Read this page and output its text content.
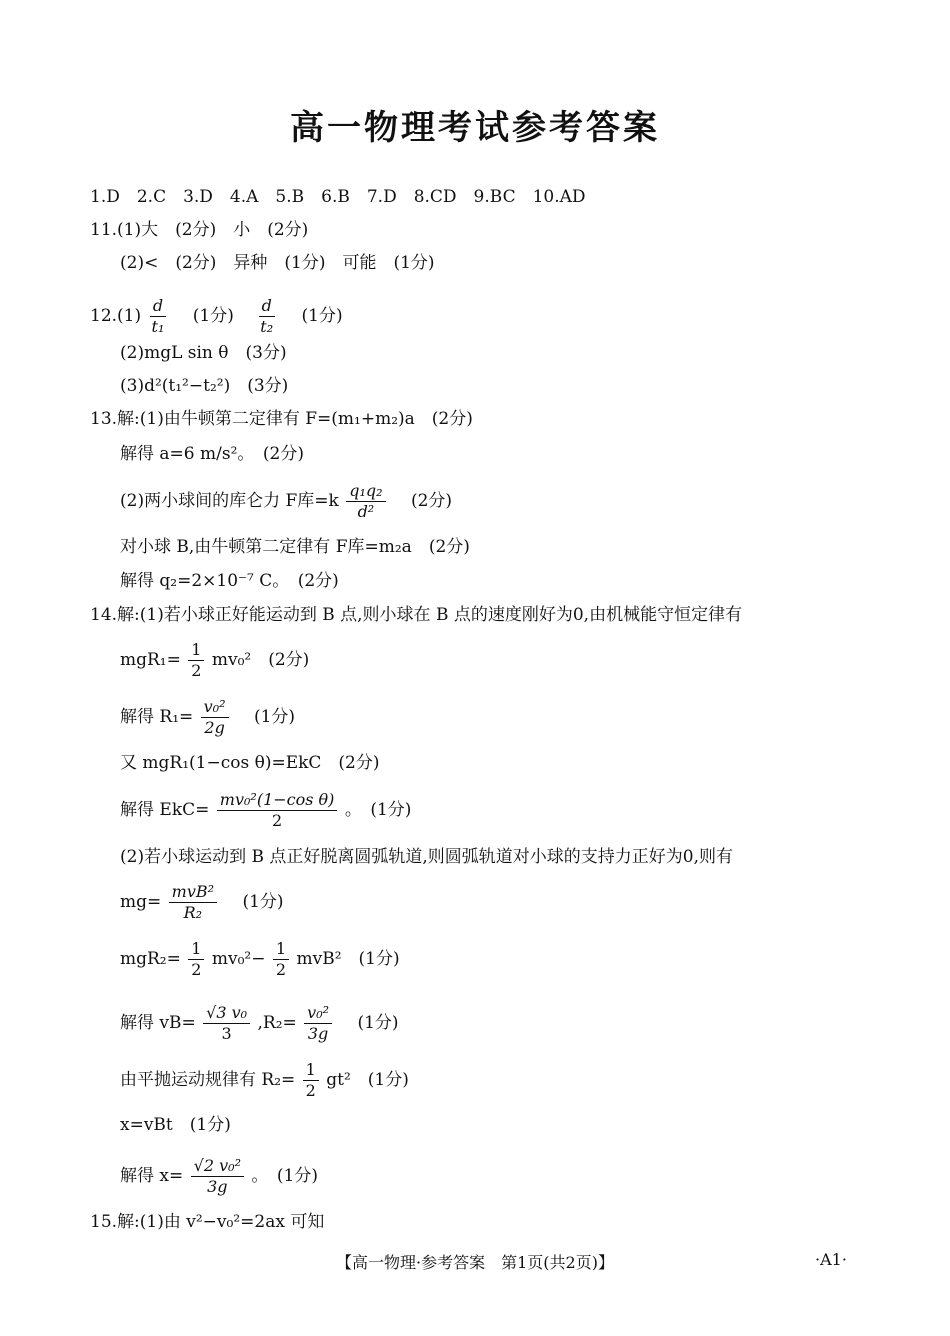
高一物理考试参考答案
1.D　2.C　3.D　4.A　5.B　6.B　7.D　8.CD　9.BC　10.AD
11.(1)大　(2分)　小　(2分)
(2)<　(2分)　异种　(1分)　可能　(1分)
$12.(1) \frac{d}{\text{t₁}} (1$分) $\frac{d}{\text{t₂}} (1$分)
(2)mgL sin θ　(3分)
(3)d²(t₁²−t₂²)　(3分)
13.解:(1)由牛顿第二定律有 F=(m₁+m₂)a　(2分)
解得 a=6 m/s²。　(2分)
(2)两小球间的库仑力 F库$=k \frac{\text{q₁q₂}}{\text{d²}} (2$分)
对小球 B,由牛顿第二定律有 F库=m₂a　(2分)
解得 q₂=2×10⁻⁷ C。　(2分)
14.解:(1)若小球正好能运动到 B 点,则小球在 B 点的速度刚好为0,由机械能守恒定律有
$mgR_1= \frac{1}{2} mv_0^2$　(2分)
解得 $R_1= \frac{\text{v₀²}}{2g} (1$分)
又 mgR₁(1−cos θ)=EkC　(2分)
解得 $EkC= \frac{\text{mv₀²(1−cos θ)}}{2}$ 。　(1分)
(2)若小球运动到 B 点正好脱离圆弧轨道,则圆弧轨道对小球的支持力正好为0,则有
$mg= \frac{\text{mvB²}}{\text{R₂}} (1$分)
$mgR_2= \frac{1}{2} mv_0^2- \frac{1}{2} mvB^2$　(1分)
解得 $vB= \frac{\text{√3 v₀}}{3} ,R_2= \frac{\text{v₀²}}{3g} (1$分)
由平抛运动规律有 $R_2= \frac{1}{2} gt^2$　(1分)
x=vBt　(1分)
解得 $x= \frac{\text{√2 v₀²}}{3g}$ 。　(1分)
15.解:(1)由 v²−v₀²=2ax 可知
【高一物理·参考答案　第1页(共2页)】	·A1·
